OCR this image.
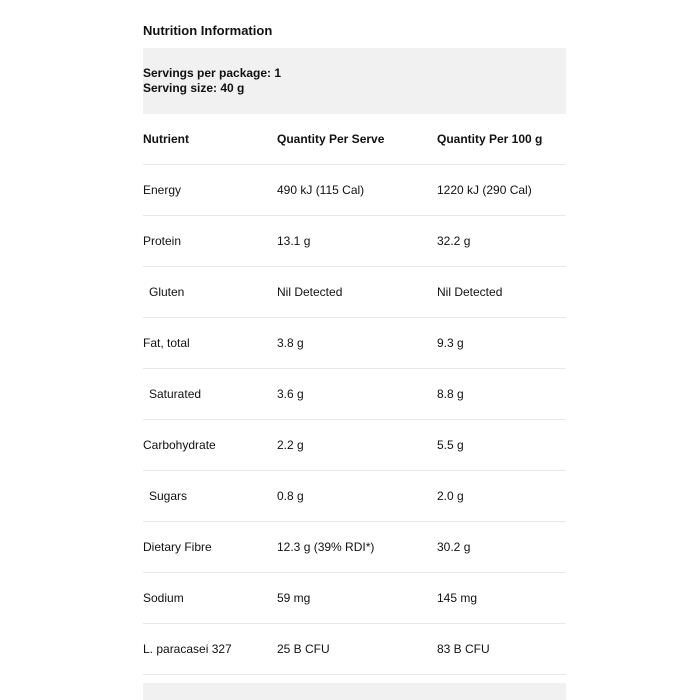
Nutrition Information
Servings per package: 1
Serving size: 40 g
Nutrient	Quantity Per Serve	Quantity Per 100 g
Energy	490 kJ (115 Cal)	1220 kJ (290 Cal)
Protein	13.1 g	32.2 g
Gluten	Nil Detected	Nil Detected
Fat, total	3.8 g	9.3 g
Saturated	3.6 g	8.8 g
Carbohydrate	2.2 g	5.5 g
Sugars	0.8 g	2.0 g
Dietary Fibre	12.3 g (39% RDI*)	30.2 g
Sodium	59 mg	145 mg
L. paracasei 327	25 B CFU	83 B CFU
